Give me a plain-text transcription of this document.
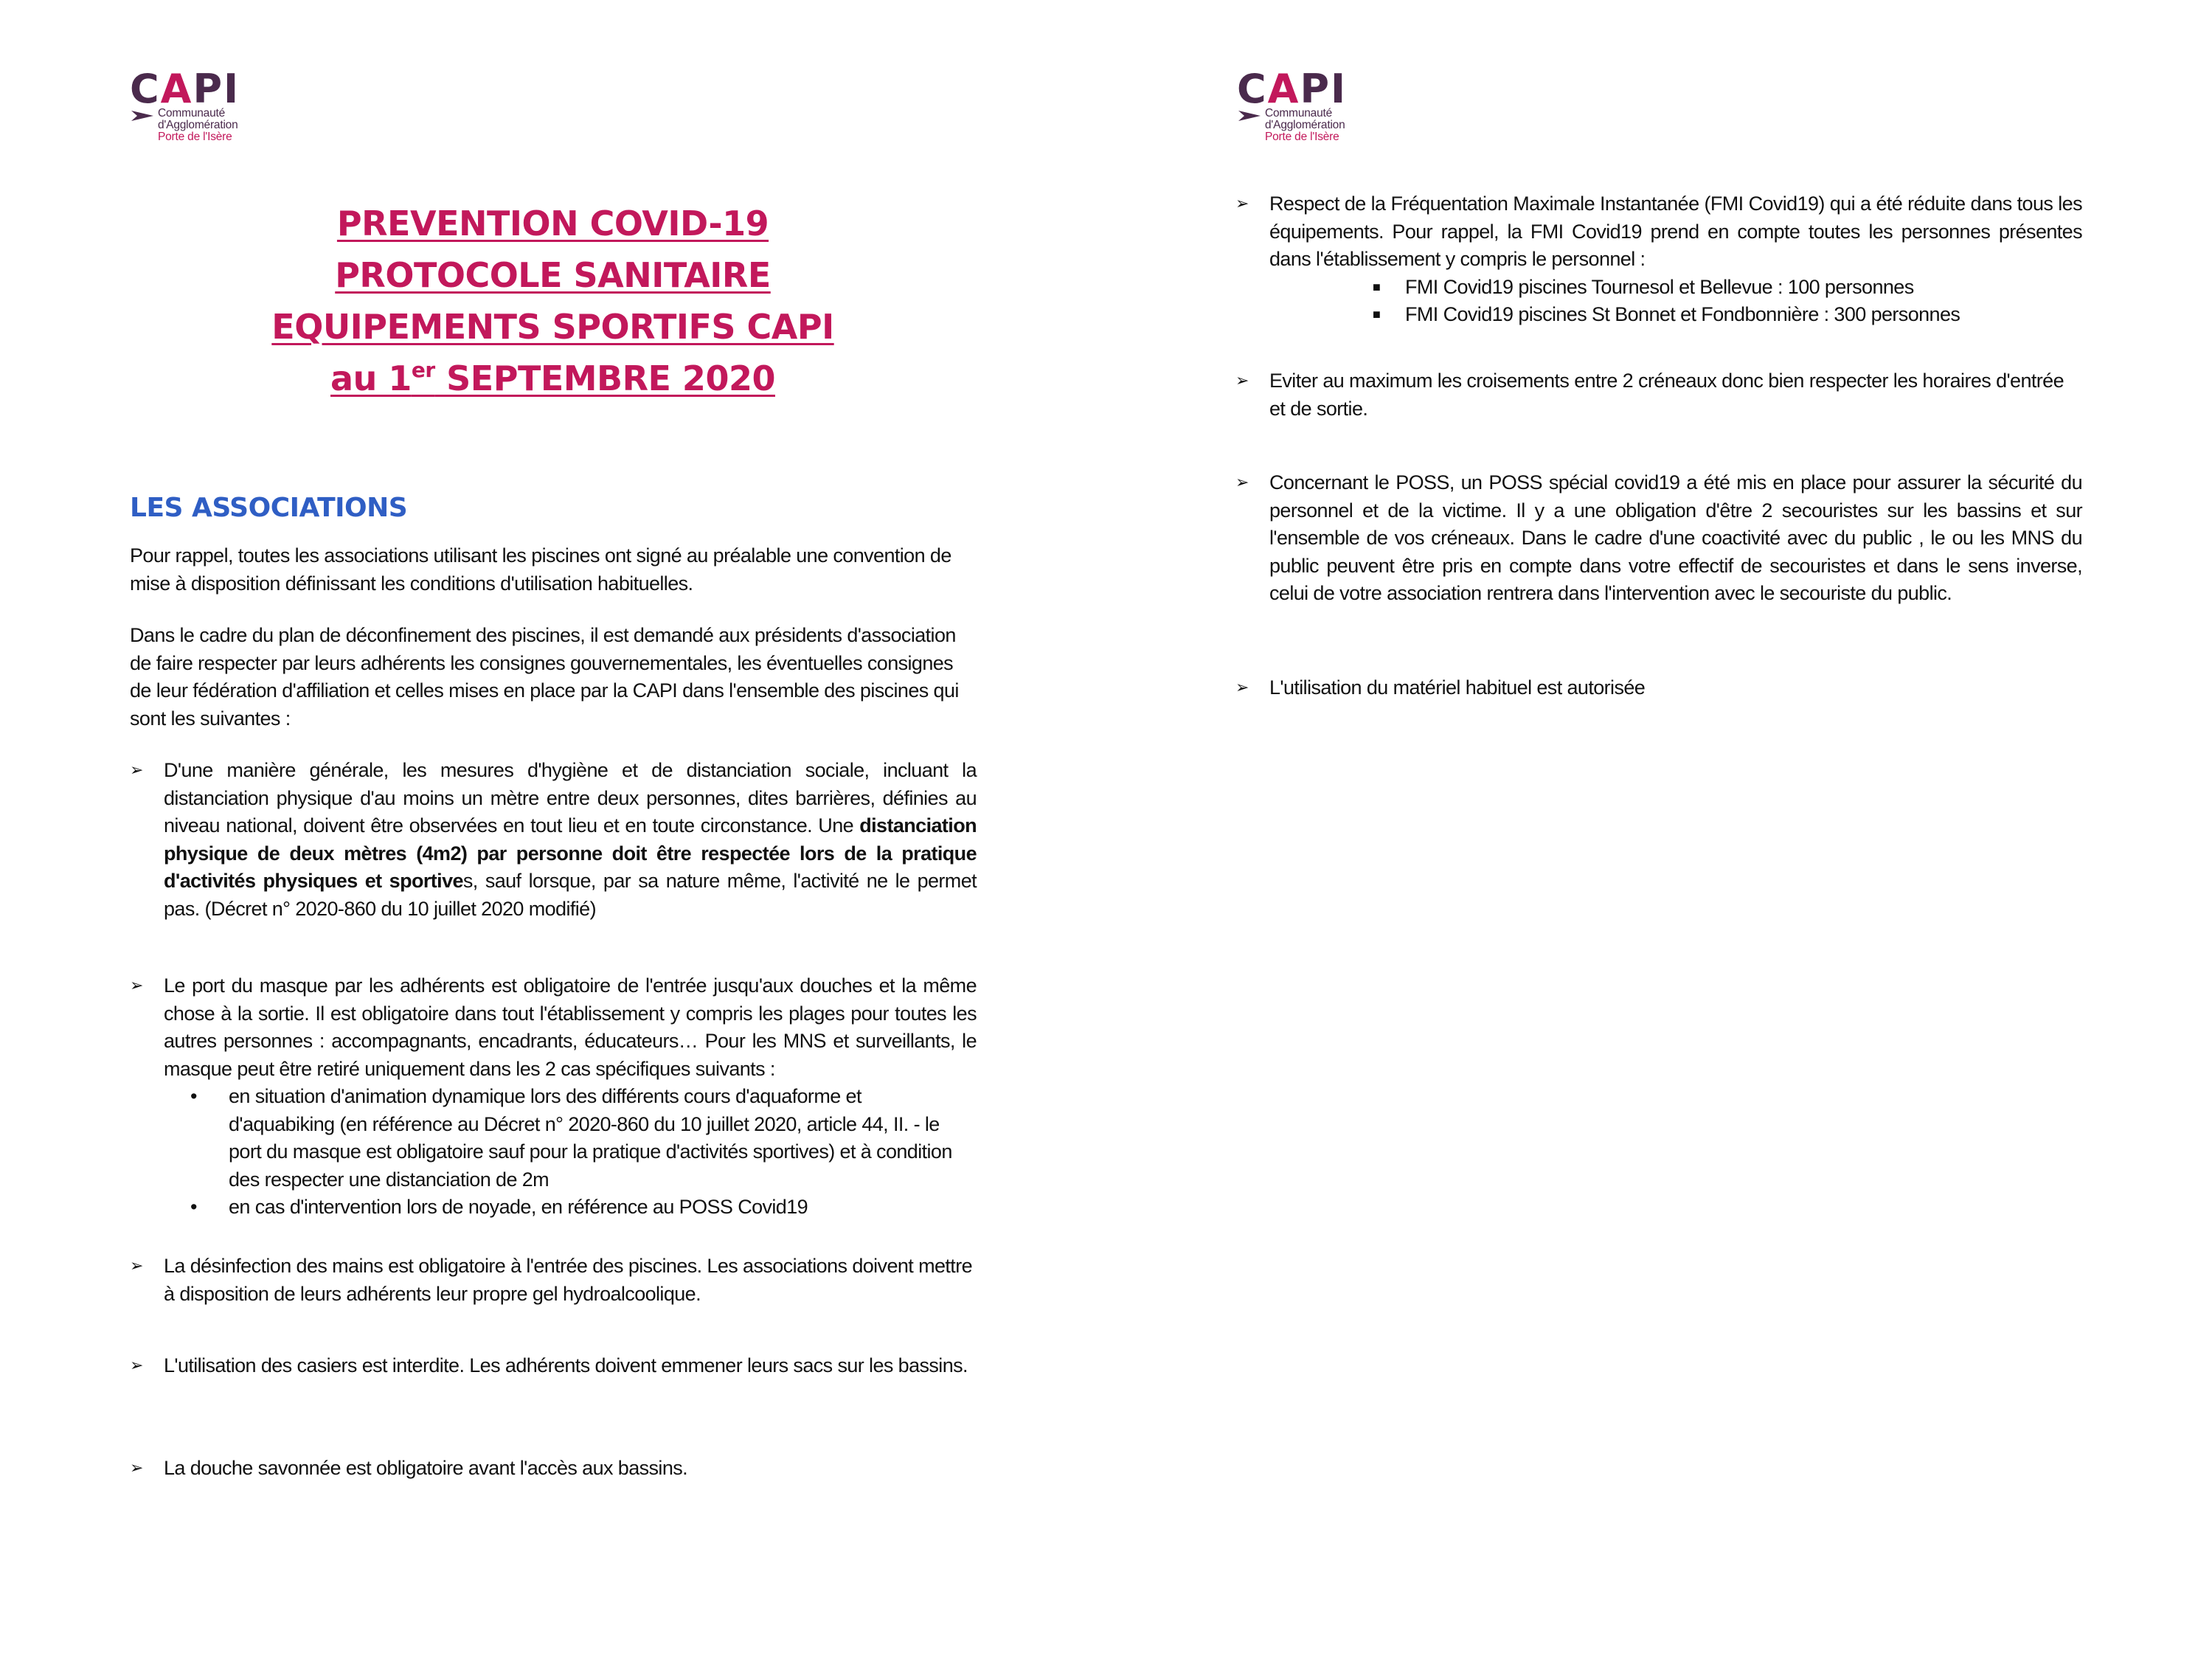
CAPI
Communauté
d'Agglomération
Porte de l'Isère
PREVENTION COVID-19
PROTOCOLE SANITAIRE
EQUIPEMENTS SPORTIFS CAPI
au 1er SEPTEMBRE 2020
LES ASSOCIATIONS
Pour rappel, toutes les associations utilisant les piscines ont signé au préalable une convention de mise à disposition définissant les conditions d'utilisation habituelles.
Dans le cadre du plan de déconfinement des piscines, il est demandé aux présidents d'association de faire respecter par leurs adhérents les consignes gouvernementales, les éventuelles consignes de leur fédération d'affiliation et celles mises en place par la CAPI dans l'ensemble des piscines qui sont les suivantes :
➢	D'une manière générale, les mesures d'hygiène et de distanciation sociale, incluant la distanciation physique d'au moins un mètre entre deux personnes, dites barrières, définies au niveau national, doivent être observées en tout lieu et en toute circonstance. Une distanciation physique de deux mètres (4m2) par personne doit être respectée lors de la pratique d'activités physiques et sportives, sauf lorsque, par sa nature même, l'activité ne le permet pas. (Décret n° 2020-860 du 10 juillet 2020 modifié)
➢	Le port du masque par les adhérents est obligatoire de l'entrée jusqu'aux douches et la même chose à la sortie. Il est obligatoire dans tout l'établissement y compris les plages pour toutes les autres personnes : accompagnants, encadrants, éducateurs… Pour les MNS et surveillants, le masque peut être retiré uniquement dans les 2 cas spécifiques suivants :
• en situation d'animation dynamique lors des différents cours d'aquaforme et d'aquabiking (en référence au Décret n° 2020-860 du 10 juillet 2020, article 44, II. - le port du masque est obligatoire sauf pour la pratique d'activités sportives) et à condition des respecter une distanciation de 2m
• en cas d'intervention lors de noyade, en référence au POSS Covid19
➢	La désinfection des mains est obligatoire à l'entrée des piscines. Les associations doivent mettre à disposition de leurs adhérents leur propre gel hydroalcoolique.
➢	L'utilisation des casiers est interdite. Les adhérents doivent emmener leurs sacs sur les bassins.
➢	La douche savonnée est obligatoire avant l'accès aux bassins.
CAPI
Communauté
d'Agglomération
Porte de l'Isère
➢	Respect de la Fréquentation Maximale Instantanée (FMI Covid19) qui a été réduite dans tous les équipements. Pour rappel, la FMI Covid19 prend en compte toutes les personnes présentes dans l'établissement y compris le personnel :
■ FMI Covid19 piscines Tournesol et Bellevue : 100 personnes
■ FMI Covid19 piscines St Bonnet et Fondbonnière : 300 personnes
➢	Eviter au maximum les croisements entre 2 créneaux donc bien respecter les horaires d'entrée et de sortie.
➢	Concernant le POSS, un POSS spécial covid19 a été mis en place pour assurer la sécurité du personnel et de la victime. Il y a une obligation d'être 2 secouristes sur les bassins et sur l'ensemble de vos créneaux. Dans le cadre d'une coactivité avec du public , le ou les MNS du public peuvent être pris en compte dans votre effectif de secouristes et dans le sens inverse, celui de votre association rentrera dans l'intervention avec le secouriste du public.
➢	L'utilisation du matériel habituel est autorisée
